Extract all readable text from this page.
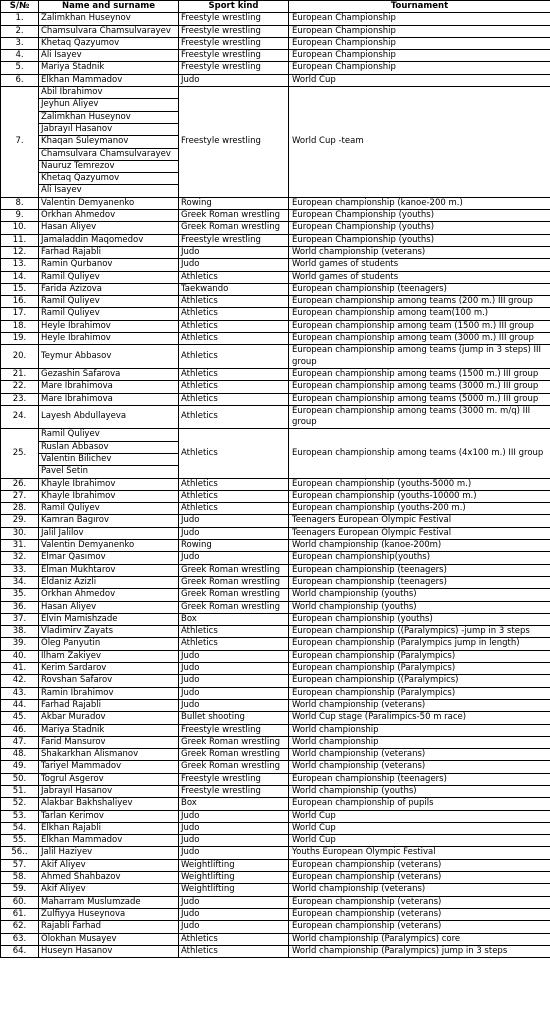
S/№	Name and surname	Sport kind	Tournament
1.	Zalimkhan Huseynov	Freestyle wrestling	European Championship
2.	Chamsulvara Chamsulvarayev	Freestyle wrestling	European Championship
3.	Khetaq Qazyumov	Freestyle wrestling	European Championship
4.	Ali İsayev	Freestyle wrestling	European Championship
5.	Mariya Stadnik	Freestyle wrestling	European Championship
6.	Elkhan Mammadov	Judo	World Cup
7.	Abil İbrahimov	Freestyle wrestling	World Cup -team
	Jeyhun Aliyev		
	Zalimkhan Huseynov		
	Jabrayıl Hasanov		
	Khaqan Suleymanov		
	Chamsulvara Chamsulvarayev		
	Nauruz Temrezov		
	Khetaq Qazyumov		
	Ali İsayev		
8.	Valentin Demyanenko	Rowing	European championship (kanoe-200 m.)
9.	Orkhan Ahmedov	Greek Roman wrestling	European Championship (youths)
10.	Hasan Aliyev	Greek Roman wrestling	European Championship (youths)
11.	Jamaladdin Maqomedov	Freestyle wrestling	European Championship (youths)
12.	Farhad Rajabli	Judo	World championship (veterans)
13.	Ramin Qurbanov	Judo	World games of students
14.	Ramil Quliyev	Athletics	World games of students
15.	Farida Azizova	Taekwando	European championship (teenagers)
16.	Ramil Quliyev	Athletics	European championship among teams (200 m.) III group
17.	Ramil Quliyev	Athletics	European championship among team(100 m.)
18.	Heyle İbrahimov	Athletics	European championship among team (1500 m.) III group
19.	Heyle İbrahimov	Athletics	European championship among team (3000 m.) III group
20.	Teymur Abbasov	Athletics	European championship among teams (jump in 3 steps) III group
21.	Gezashin Safarova	Athletics	European championship among teams (1500 m.) III group
22.	Mare İbrahimova	Athletics	European championship among teams (3000 m.) III group
23.	Mare İbrahimova	Athletics	European championship among teams (5000 m.) III group
24.	Layesh Abdullayeva	Athletics	European championship among teams (3000 m. m/q) III group
25.	Ramil Quliyev	Athletics	European championship among teams (4x100 m.) III group
	Ruslan Abbasov		
	Valentin Bilichev		
	Pavel Setin		
26.	Khayle İbrahimov	Athletics	European championship (youths-5000 m.)
27.	Khayle İbrahimov	Athletics	European championship (youths-10000 m.)
28.	Ramil Quliyev	Athletics	European championship (youths-200 m.)
29.	Kamran Bagırov	Judo	Teenagers European Olympic Festival
30.	Jalil Jalilov	Judo	Teenagers European Olympic Festival
31.	Valentin Demyanenko	Rowing	World championship (kanoe-200m)
32.	Elmar Qasımov	Judo	European championship(youths)
33.	Elman Mukhtarov	Greek Roman wrestling	European championship (teenagers)
34.	Eldaniz Azizli	Greek Roman wrestling	European championship (teenagers)
35.	Orkhan Ahmedov	Greek Roman wrestling	World championship (youths)
36.	Hasan Aliyev	Greek Roman wrestling	World championship (youths)
37.	Elvin Mamishzade	Box	European championship (youths)
38.	Vladimirv Zayats	Athletics	European championship ((Paralympics) -jump in 3 steps
39.	Oleg Panyutin	Athletics	European championship (Paralympics jump in length)
40.	İlham Zakiyev	Judo	European championship (Paralympics)
41.	Kerim Sardarov	Judo	European championship (Paralympics)
42.	Rovshan Safarov	Judo	European championship ((Paralympics)
43.	Ramin İbrahimov	Judo	European championship (Paralympics)
44.	Farhad Rajabli	Judo	World championship (veterans)
45.	Akbar Muradov	Bullet shooting	World Cup stage (Paralimpics-50 m race)
46.	Mariya Stadnik	Freestyle wrestling	World championship
47.	Farid Mansurov	Greek Roman wrestling	World championship
48.	Shakarkhan Alismanov	Greek Roman wrestling	World championship (veterans)
49.	Tariyel Mammadov	Greek Roman wrestling	World championship (veterans)
50.	Togrul Asgerov	Freestyle wrestling	European championship (teenagers)
51.	Jabrayıl Hasanov	Freestyle wrestling	World championship (youths)
52.	Alakbar Bakhshaliyev	Box	European championship of pupils
53.	Tarlan Kerimov	Judo	World Cup
54.	Elkhan Rajabli	Judo	World Cup
55.	Elkhan Mammadov	Judo	World Cup
56..	Jalil Haziyev	Judo	Youths European Olympic Festival
57.	Akif Aliyev	Weightlifting	European championship (veterans)
58.	Ahmed Shahbazov	Weightlifting	European championship (veterans)
59.	Akif Aliyev	Weightlifting	World championship (veterans)
60.	Maharram Muslumzade	Judo	European championship (veterans)
61.	Zulfiyya Huseynova	Judo	European championship (veterans)
62.	Rajabli Farhad	Judo	European championship (veterans)
63.	Olokhan Musayev	Athletics	World championship (Paralympics) core
64.	Huseyn Hasanov	Athletics	World championship (Paralympics) jump in 3 steps
